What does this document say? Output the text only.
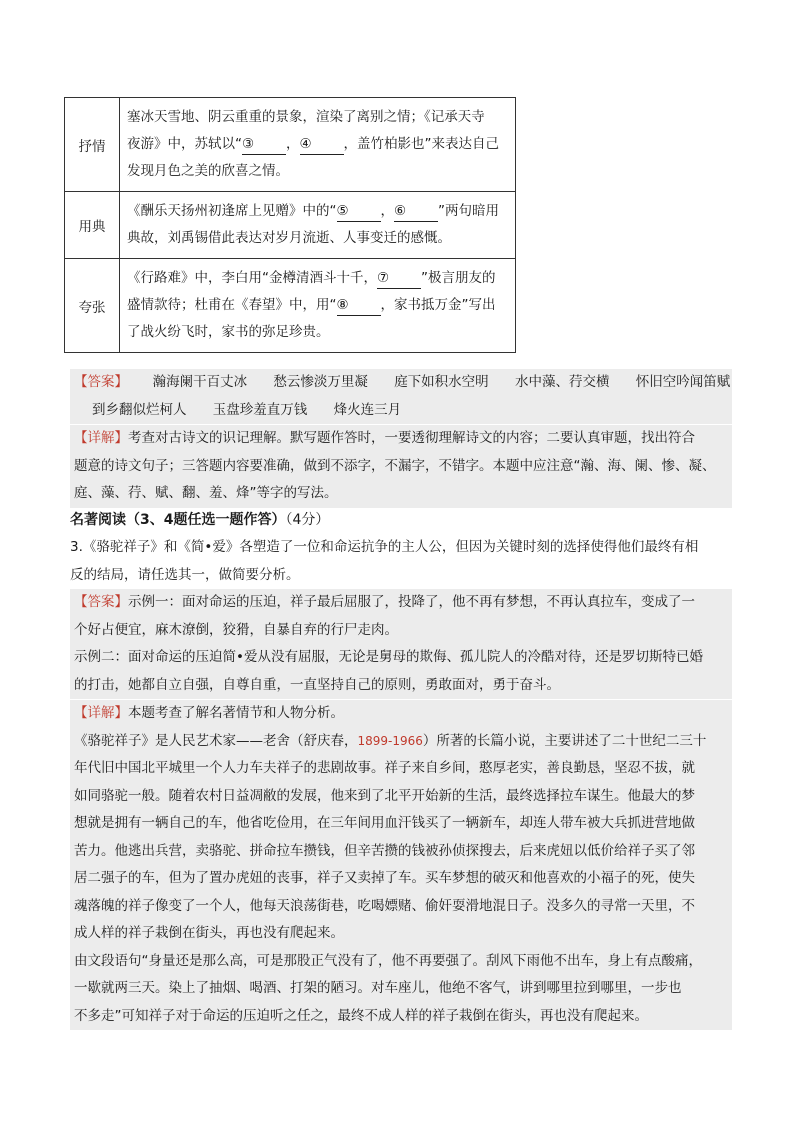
抒情	塞冰天雪地、阴云重重的景象，渲染了离别之情；《记承天寺
夜游》中，苏轼以“③ ，④ ，盖竹柏影也”来表达自己
发现月色之美的欣喜之情。

用典	《酬乐天扬州初逢席上见赠》中的“⑤ ，⑥ ”两句暗用
典故，刘禹锡借此表达对岁月流逝、人事变迁的感慨。

夸张	《行路难》中，李白用“金樽清酒斗十千，⑦ ”极言朋友的
盛情款待；杜甫在《春望》中，用“⑧ ，家书抵万金”写出
了战火纷飞时，家书的弥足珍贵。
【答案】 瀚海阑干百丈冰 愁云惨淡万里凝 庭下如积水空明 水中藻、荇交横 怀旧空吟闻笛赋
到乡翻似烂柯人 玉盘珍羞直万钱 烽火连三月
【详解】考查对古诗文的识记理解。默写题作答时，一要透彻理解诗文的内容；二要认真审题，找出符合
题意的诗文句子；三答题内容要准确，做到不添字，不漏字，不错字。本题中应注意“瀚、海、阑、惨、凝、
庭、藻、荇、赋、翻、羞、烽”等字的写法。
名著阅读（3、4题任选一题作答）（4分）
3.《骆驼祥子》和《简•爱》各塑造了一位和命运抗争的主人公，但因为关键时刻的选择使得他们最终有相
反的结局，请任选其一，做简要分析。
【答案】示例一：面对命运的压迫，祥子最后屈服了，投降了，他不再有梦想，不再认真拉车，变成了一
个好占便宜，麻木潦倒，狡猾，自暴自弃的行尸走肉。
示例二：面对命运的压迫简•爱从没有屈服，无论是舅母的欺侮、孤儿院人的冷酷对待，还是罗切斯特已婚
的打击，她都自立自强，自尊自重，一直坚持自己的原则，勇敢面对，勇于奋斗。
【详解】本题考查了解名著情节和人物分析。
《骆驼祥子》是人民艺术家——老舍（舒庆春，1899-1966）所著的长篇小说，主要讲述了二十世纪二三十
年代旧中国北平城里一个人力车夫祥子的悲剧故事。祥子来自乡间，憨厚老实，善良勤恳，坚忍不拔，就
如同骆驼一般。随着农村日益凋敝的发展，他来到了北平开始新的生活，最终选择拉车谋生。他最大的梦
想就是拥有一辆自己的车，他省吃俭用，在三年间用血汗钱买了一辆新车，却连人带车被大兵抓进营地做
苦力。他逃出兵营，卖骆驼、拼命拉车攒钱，但辛苦攒的钱被孙侦探搜去，后来虎妞以低价给祥子买了邻
居二强子的车，但为了置办虎妞的丧事，祥子又卖掉了车。买车梦想的破灭和他喜欢的小福子的死，使失
魂落魄的祥子像变了一个人，他每天浪荡街巷，吃喝嫖赌、偷奸耍滑地混日子。没多久的寻常一天里，不
成人样的祥子栽倒在街头，再也没有爬起来。
由文段语句“身量还是那么高，可是那股正气没有了，他不再要强了。刮风下雨他不出车，身上有点酸痛，
一歇就两三天。染上了抽烟、喝酒、打架的陋习。对车座儿，他绝不客气，讲到哪里拉到哪里，一步也
不多走”可知祥子对于命运的压迫听之任之，最终不成人样的祥子栽倒在街头，再也没有爬起来。
